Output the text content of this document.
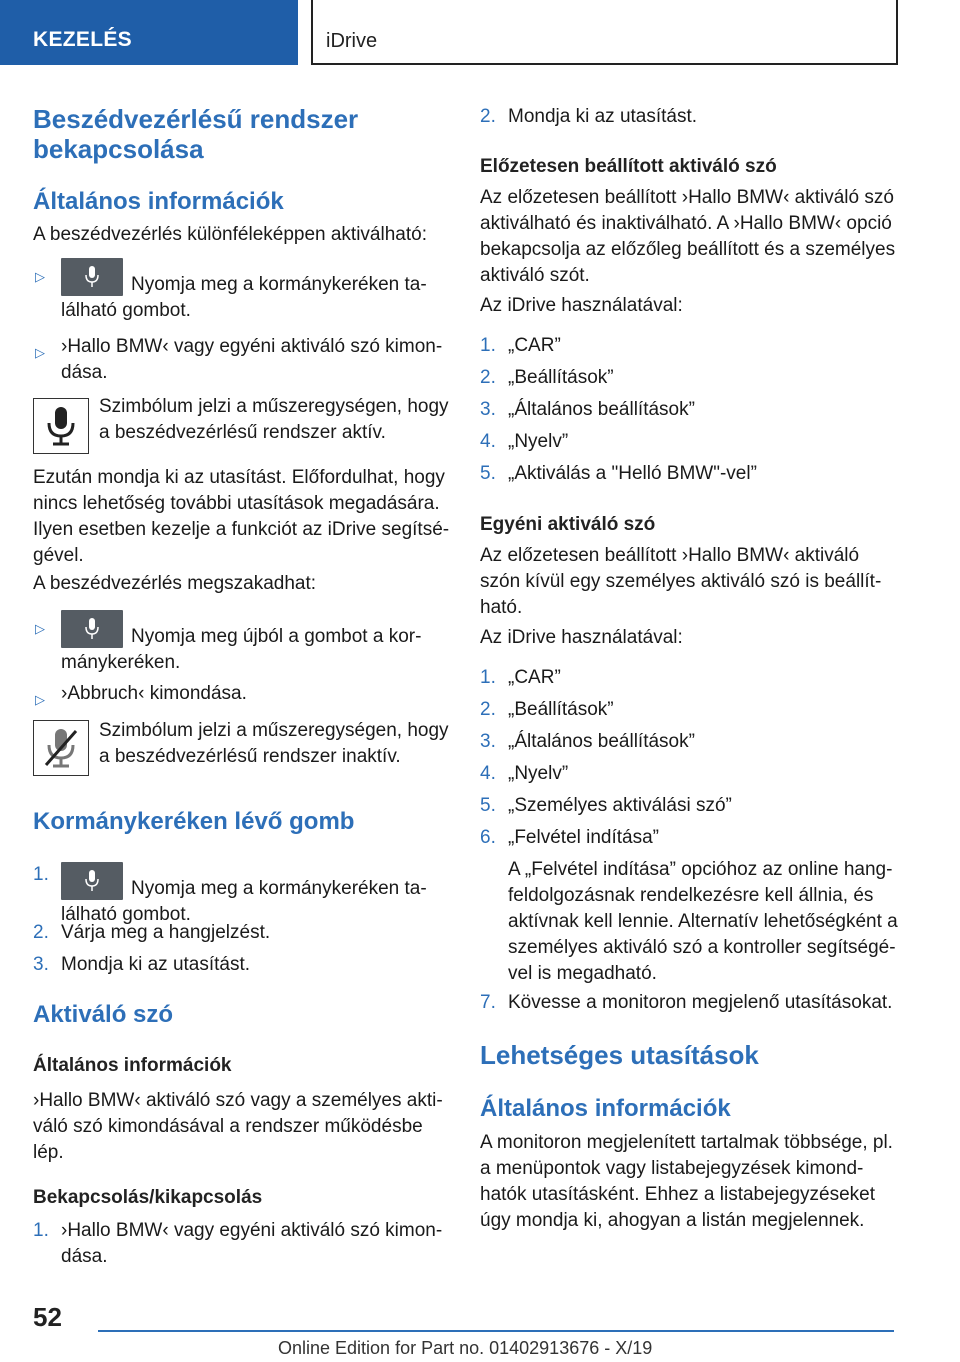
KEZELÉS	iDrive
Beszédvezérlésű rendszer bekapcsolása
Általános információk

A beszédvezérlés különféleképpen aktiválható:

▷	Nyomja meg a kormánykeréken ta-lálható gombot.
▷ ›Hallo BMW‹ vagy egyéni aktiváló szó kimon-dása.

Szimbólum jelzi a műszeregységen, hogy a beszédvezérlésű rendszer aktív.

Ezután mondja ki az utasítást. Előfordulhat, hogy nincs lehetőség további utasítások megadására. Ilyen esetben kezelje a funkciót az iDrive segítsé-gével.

A beszédvezérlés megszakadhat:

▷	Nyomja meg újból a gombot a kor-mánykeréken.
▷ ›Abbruch‹ kimondása.

Szimbólum jelzi a műszeregységen, hogy a beszédvezérlésű rendszer inaktív.

Kormánykeréken lévő gomb
1.
Nyomja meg a kormánykeréken ta-lálható gombot.
2. Várja meg a hangjelzést.
3. Mondja ki az utasítást.
Aktiváló szó
Általános információk

›Hallo BMW‹ aktiváló szó vagy a személyes akti-váló szó kimondásával a rendszer működésbe lép.

Bekapcsolás/kikapcsolás
1. ›Hallo BMW‹ vagy egyéni aktiváló szó kimon-dása.
2. Mondja ki az utasítást.
Előzetesen beállított aktiváló szó

Az előzetesen beállított ›Hallo BMW‹ aktiváló szó aktiválható és inaktiválható. A ›Hallo BMW‹ opció bekapcsolja az előzőleg beállított és a személyes aktiváló szót.

Az iDrive használatával:

1. „CAR”
2. „Beállítások”
3. „Általános beállítások”
4. „Nyelv”
5. „Aktiválás a "Helló BMW"-vel”
Egyéni aktiváló szó

Az előzetesen beállított ›Hallo BMW‹ aktiváló szón kívül egy személyes aktiváló szó is beállít-ható.

Az iDrive használatával:

1. „CAR”
2. „Beállítások”
3. „Általános beállítások”
4. „Nyelv”
5. „Személyes aktiválási szó”
6. „Felvétel indítása”

A „Felvétel indítása” opcióhoz az online hang-feldolgozásnak rendelkezésre kell állnia, és aktívnak kell lennie. Alternatív lehetőségként a személyes aktiváló szó a kontroller segítségé-vel is megadható.

7. Kövesse a monitoron megjelenő utasításokat.
Lehetséges utasítások
Általános információk

A monitoron megjelenített tartalmak többsége, pl. a menüpontok vagy listabejegyzések kimond-hatók utasításként. Ehhez a listabejegyzéseket úgy mondja ki, ahogyan a listán megjelennek.

52
Online Edition for Part no. 01402913676 - X/19
